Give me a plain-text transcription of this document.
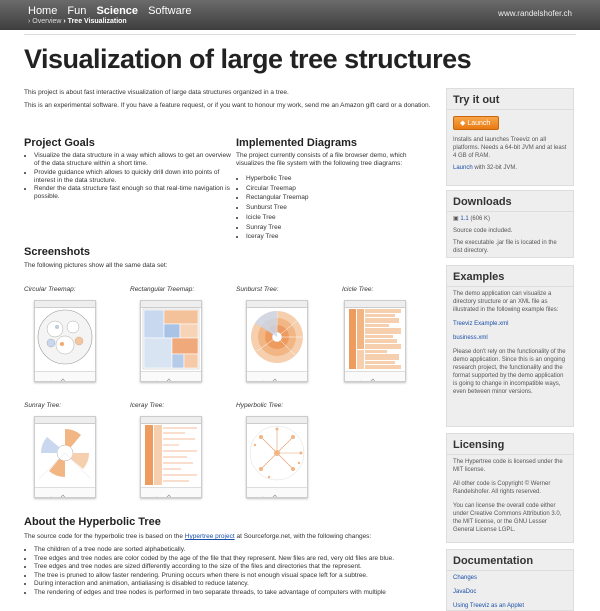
Home Fun Science Software
› Overview › Tree Visualization
www.randelshofer.ch
Visualization of large tree structures

This project is about fast interactive visualization of large data structures organized in a tree.

This is an experimental software. If you have a feature request, or if you want to honour my work, send me an Amazon gift card or a donation.

Project Goals
• Visualize the data structure in a way which allows to get an overview of the data structure within a short time.
• Provide guidance which allows to quickly drill down into points of interest in the data structure.
• Render the data structure fast enough so that real-time navigation is possible.
Implemented Diagrams

The project currently consists of a file browser demo, which visualizes the file system with the following tree diagrams:

• Hyperbolic Tree
• Circular Treemap
• Rectangular Treemap
• Sunburst Tree
• Icicle Tree
• Sunray Tree
• Iceray Tree
Screenshots

The following pictures show all the same data set:

Circular Treemap:	Rectangular Treemap:	Sunburst Tree:	Icicle Tree:
Sunray Tree:	Iceray Tree:	Hyperbolic Tree:
About the Hyperbolic Tree

The source code for the hyperbolic tree is based on the Hypertree project at Sourceforge.net, with the following changes:

• The children of a tree node are sorted alphabetically.
• Tree edges and tree nodes are color coded by the age of the file that they represent. New files are red, very old files are blue.
• Tree edges and tree nodes are sized differently according to the size of the files and directories that the represent.
• The tree is pruned to allow faster rendering. Pruning occurs when there is not enough visual space left for a subtree.
• During interaction and animation, antialiasing is disabled to reduce latency.
• The rendering of edges and tree nodes is performed in two separate threads, to take advantage of computers with multiple
Try it out
◆ Launch
Installs and launches Treeviz on all platforms. Needs a 64-bit JVM and at least 4 GB of RAM.
Launch with 32-bit JVM.
Downloads
▣ 1.1 (606 K)
Source code included.
The executable .jar file is located in the dist directory.
Examples
The demo application can visualize a directory structure or an XML file as illustrated in the following example files:
Treeviz Example.xml
business.xml
Please don't rely on the functionality of the demo application. Since this is an ongoing research project, the functionality and the format supported by the demo application is going to change in incompatible ways, even between minor versions.
Licensing
The Hypertree code is licensed under the MIT license.
All other code is Copyright © Werner Randelshofer. All rights reserved.
You can license the overall code either under Creative Commons Attribution 3.0, the MIT license, or the GNU Lesser General License LGPL.
Documentation
Changes
JavaDoc
Using Treeviz as an Applet
